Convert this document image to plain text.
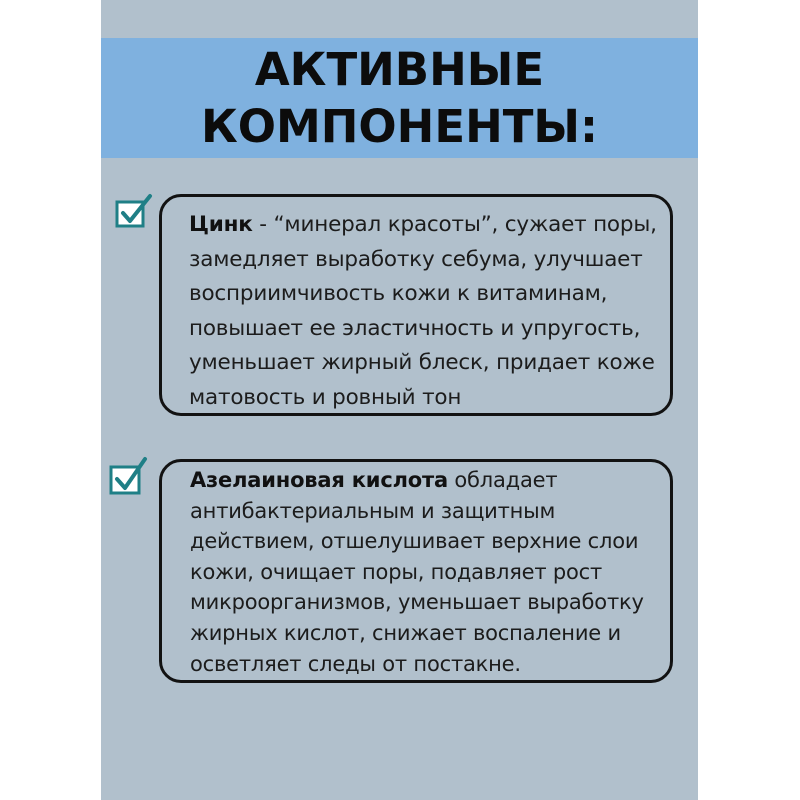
АКТИВНЫЕ
КОМПОНЕНТЫ:

Цинк - “минерал красоты”, сужает поры, замедляет выработку себума, улучшает восприимчивость кожи к витаминам, повышает ее эластичность и упругость, уменьшает жирный блеск, придает коже матовость и ровный тон
Азелаиновая кислота обладает антибактериальным и защитным действием, отшелушивает верхние слои кожи, очищает поры, подавляет рост микроорганизмов, уменьшает выработку жирных кислот, снижает воспаление и осветляет следы от постакне.
